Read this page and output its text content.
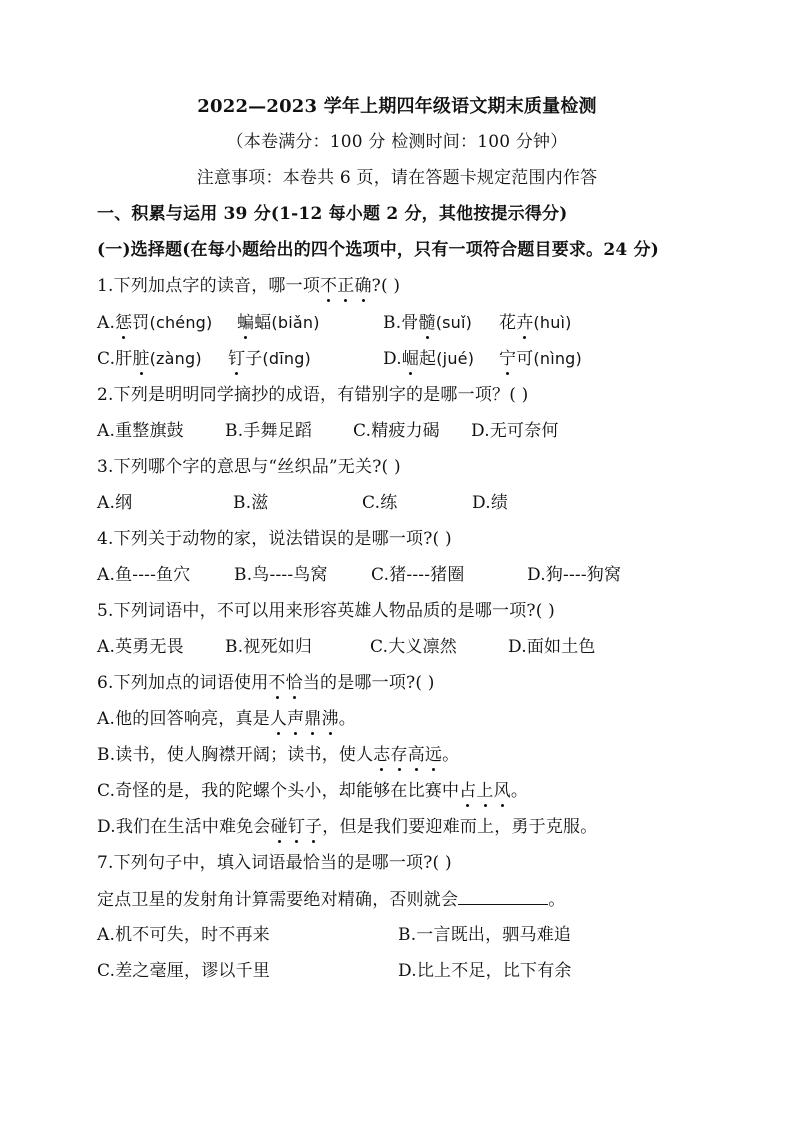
2022—2023 学年上期四年级语文期末质量检测
（本卷满分：100 分 检测时间：100 分钟）
注意事项：本卷共 6 页，请在答题卡规定范围内作答
一、积累与运用 39 分(1-12 每小题 2 分，其他按提示得分)
(一)选择题(在每小题给出的四个选项中，只有一项符合题目要求。24 分)
1.下列加点字的读音，哪一项不正确?( )
A.惩罚(chéng) 蝙蝠(biǎn)	B.骨髓(suǐ) 花卉(huì)
C.肝脏(zàng) 钉子(dīng)	D.崛起(jué) 宁可(nìng)
2.下列是明明同学摘抄的成语，有错别字的是哪一项？( )
A.重整旗鼓 B.手舞足蹈 C.精疲力碣 D.无可奈何
3.下列哪个字的意思与“丝织品”无关?( )
A.纲	B.滋	C.练	D.绩
4.下列关于动物的家，说法错误的是哪一项?( )
A.鱼----鱼穴	B.鸟----鸟窝	C.猪----猪圈	D.狗----狗窝
5.下列词语中，不可以用来形容英雄人物品质的是哪一项?( )
A.英勇无畏 B.视死如归	C.大义凛然	D.面如土色
6.下列加点的词语使用不恰当的是哪一项?( )
A.他的回答响亮，真是人声鼎沸。
B.读书，使人胸襟开阔；读书，使人志存高远。
C.奇怪的是，我的陀螺个头小，却能够在比赛中占上风。
D.我们在生活中难免会碰钉子，但是我们要迎难而上，勇于克服。
7.下列句子中，填入词语最恰当的是哪一项?( )
定点卫星的发射角计算需要绝对精确，否则就会	。
A.机不可失，时不再来	B.一言既出，驷马难追
C.差之毫厘，谬以千里	D.比上不足，比下有余
